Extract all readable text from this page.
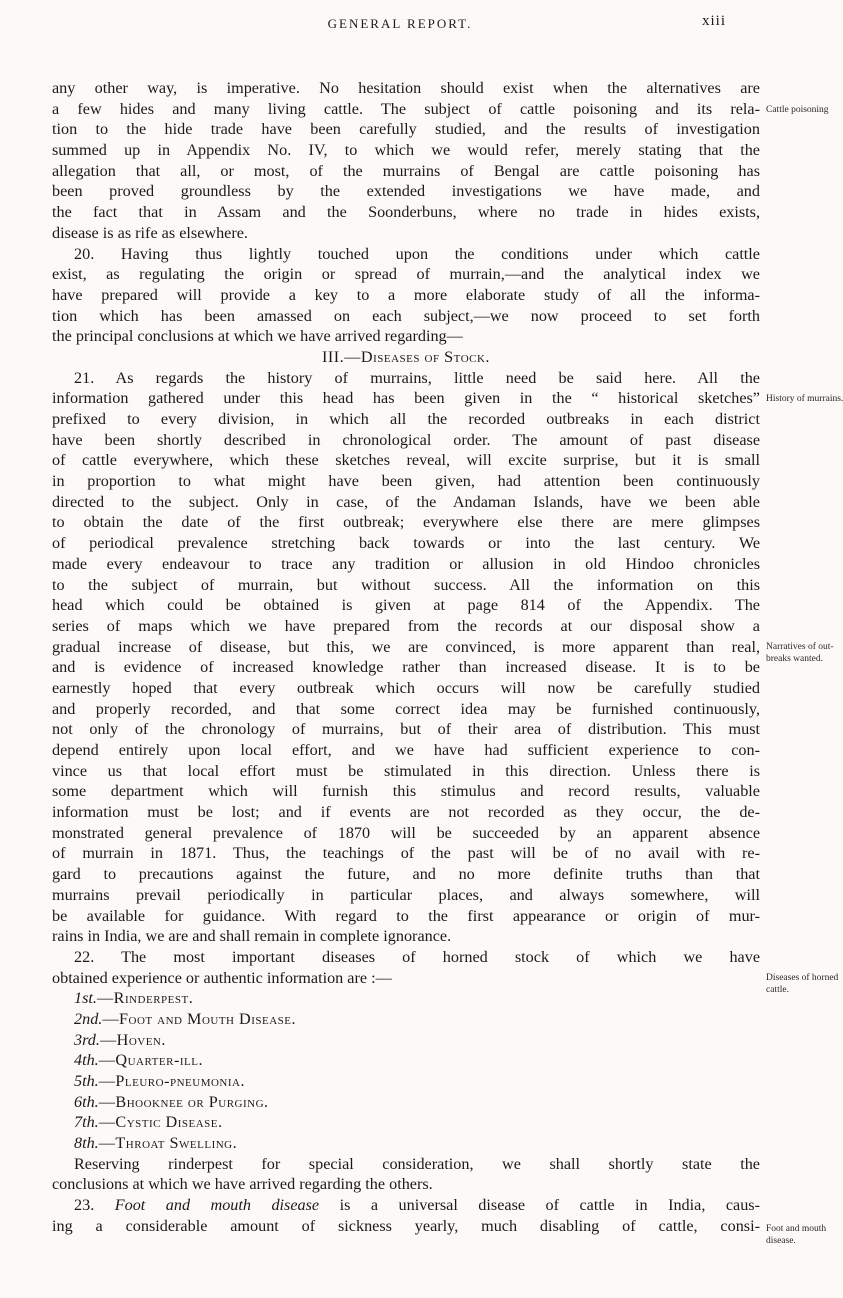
GENERAL REPORT.	xiii
any other way, is imperative. No hesitation should exist when the alternatives are
a few hides and many living cattle. The subject of cattle poisoning and its rela-
tion to the hide trade have been carefully studied, and the results of investigation
summed up in Appendix No. IV, to which we would refer, merely stating that the
allegation that all, or most, of the murrains of Bengal are cattle poisoning has
been proved groundless by the extended investigations we have made, and
the fact that in Assam and the Soonderbuns, where no trade in hides exists,
disease is as rife as elsewhere.
20. Having thus lightly touched upon the conditions under which cattle
exist, as regulating the origin or spread of murrain,—and the analytical index we
have prepared will provide a key to a more elaborate study of all the informa-
tion which has been amassed on each subject,—we now proceed to set forth
the principal conclusions at which we have arrived regarding—
III.—Diseases of Stock.
21. As regards the history of murrains, little need be said here. All the
information gathered under this head has been given in the “ historical sketches”
prefixed to every division, in which all the recorded outbreaks in each district
have been shortly described in chronological order. The amount of past disease
of cattle everywhere, which these sketches reveal, will excite surprise, but it is small
in proportion to what might have been given, had attention been continuously
directed to the subject. Only in case, of the Andaman Islands, have we been able
to obtain the date of the first outbreak; everywhere else there are mere glimpses
of periodical prevalence stretching back towards or into the last century. We
made every endeavour to trace any tradition or allusion in old Hindoo chronicles
to the subject of murrain, but without success. All the information on this
head which could be obtained is given at page 814 of the Appendix. The
series of maps which we have prepared from the records at our disposal show a
gradual increase of disease, but this, we are convinced, is more apparent than real,
and is evidence of increased knowledge rather than increased disease. It is to be
earnestly hoped that every outbreak which occurs will now be carefully studied
and properly recorded, and that some correct idea may be furnished continuously,
not only of the chronology of murrains, but of their area of distribution. This must
depend entirely upon local effort, and we have had sufficient experience to con-
vince us that local effort must be stimulated in this direction. Unless there is
some department which will furnish this stimulus and record results, valuable
information must be lost; and if events are not recorded as they occur, the de-
monstrated general prevalence of 1870 will be succeeded by an apparent absence
of murrain in 1871. Thus, the teachings of the past will be of no avail with re-
gard to precautions against the future, and no more definite truths than that
murrains prevail periodically in particular places, and always somewhere, will
be available for guidance. With regard to the first appearance or origin of mur-
rains in India, we are and shall remain in complete ignorance.
22. The most important diseases of horned stock of which we have
obtained experience or authentic information are :—
1st.—Rinderpest.
2nd.—Foot and Mouth Disease.
3rd.—Hoven.
4th.—Quarter-ill.
5th.—Pleuro-pneumonia.
6th.—Bhooknee or Purging.
7th.—Cystic Disease.
8th.—Throat Swelling.
Reserving rinderpest for special consideration, we shall shortly state the
conclusions at which we have arrived regarding the others.
23. Foot and mouth disease is a universal disease of cattle in India, caus-
ing a considerable amount of sickness yearly, much disabling of cattle, consi-
Cattle poisoning
History of murrains.
Narratives of out-
breaks wanted.
Diseases of horned
cattle.
Foot and mouth
disease.
